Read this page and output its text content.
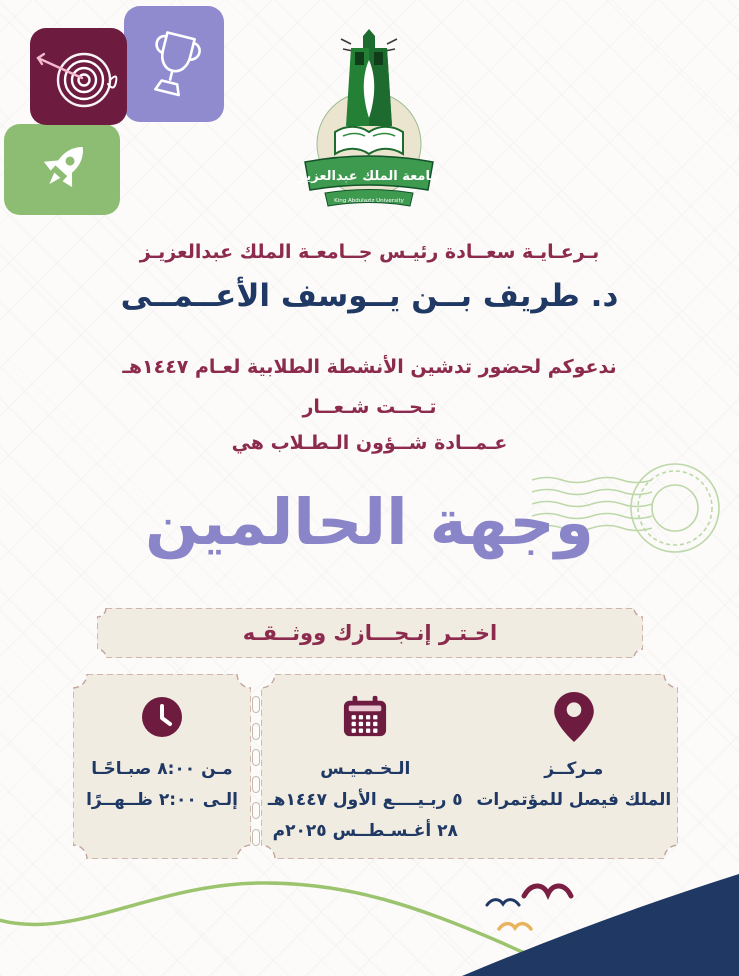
جامعة الملك عبدالعزيز
King Abdulaziz University
بـرعـايـة سعــادة رئيـس جــامعـة الملك عبدالعزيـز
د. طريف بــن يــوسف الأعــمــى
ندعوكم لحضور تدشين الأنشطة الطلابية لعـام ١٤٤٧هـ
تـحــت شـعــار
عـمــادة شــؤون الـطـلاب هي
وجهة الحالمين
اخـتـر إنـجـــازك ووثــقـه
مـن ٨:٠٠ صبـاحًـا
إلـى ٢:٠٠ ظــهــرًا
مـركــز
الملك فيصل للمؤتمرات
الـخـمـيـس
٥ ربـيــــع الأول ١٤٤٧هـ
٢٨ أغـسـطــس ٢٠٢٥م
